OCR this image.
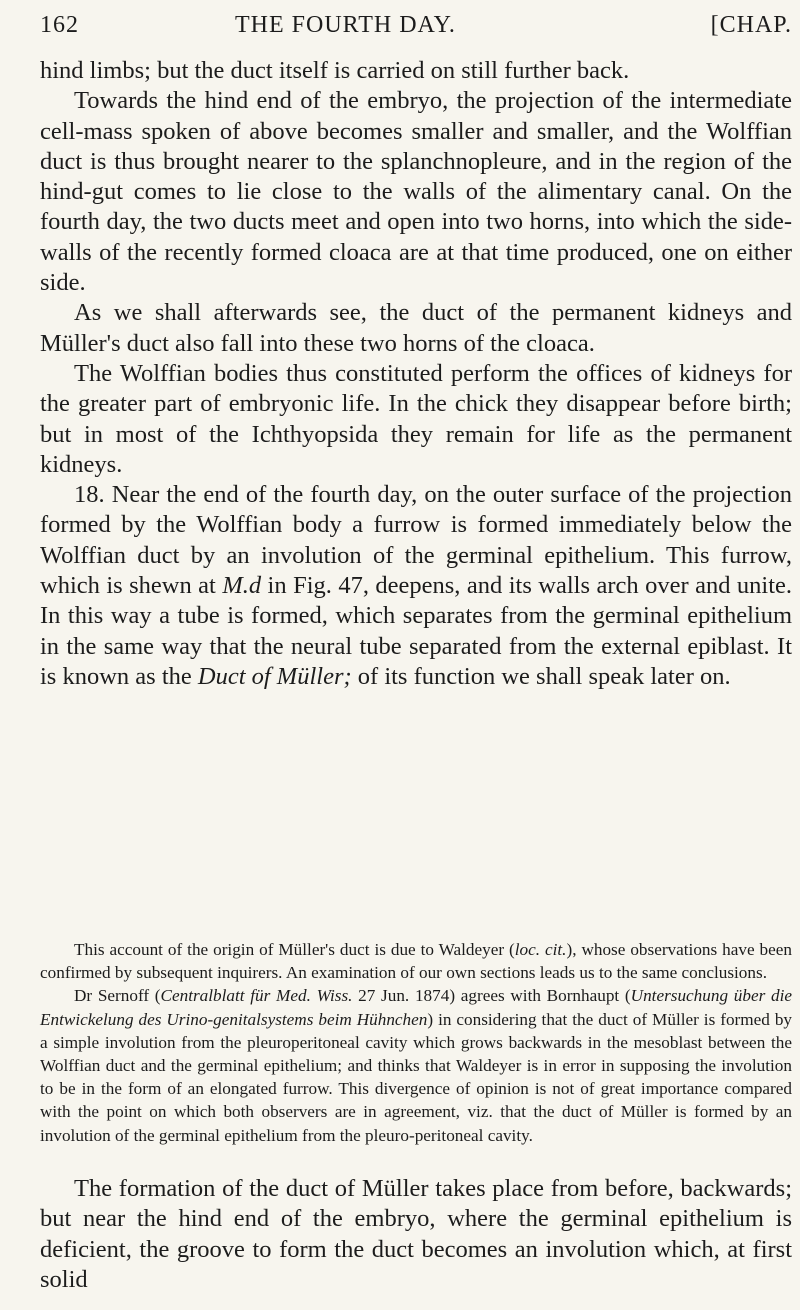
162	THE FOURTH DAY.	[CHAP.

hind limbs; but the duct itself is carried on still further back.

Towards the hind end of the embryo, the projection of the intermediate cell-mass spoken of above becomes smaller and smaller, and the Wolffian duct is thus brought nearer to the splanchnopleure, and in the region of the hind-gut comes to lie close to the walls of the alimentary canal. On the fourth day, the two ducts meet and open into two horns, into which the side-walls of the recently formed cloaca are at that time produced, one on either side.

As we shall afterwards see, the duct of the permanent kidneys and Müller's duct also fall into these two horns of the cloaca.

The Wolffian bodies thus constituted perform the offices of kidneys for the greater part of embryonic life. In the chick they disappear before birth; but in most of the Ichthyopsida they remain for life as the permanent kidneys.

18. Near the end of the fourth day, on the outer surface of the projection formed by the Wolffian body a furrow is formed immediately below the Wolffian duct by an involution of the germinal epithelium. This furrow, which is shewn at M.d in Fig. 47, deepens, and its walls arch over and unite. In this way a tube is formed, which separates from the germinal epithelium in the same way that the neural tube separated from the external epiblast. It is known as the Duct of Müller; of its function we shall speak later on.

This account of the origin of Müller's duct is due to Waldeyer (loc. cit.), whose observations have been confirmed by subsequent inquirers. An examination of our own sections leads us to the same conclusions.

Dr Sernoff (Centralblatt für Med. Wiss. 27 Jun. 1874) agrees with Bornhaupt (Untersuchung über die Entwickelung des Urino-genitalsystems beim Hühnchen) in considering that the duct of Müller is formed by a simple involution from the pleuroperitoneal cavity which grows backwards in the mesoblast between the Wolffian duct and the germinal epithelium; and thinks that Waldeyer is in error in supposing the involution to be in the form of an elongated furrow. This divergence of opinion is not of great importance compared with the point on which both observers are in agreement, viz. that the duct of Müller is formed by an involution of the germinal epithelium from the pleuro-peritoneal cavity.

The formation of the duct of Müller takes place from before, backwards; but near the hind end of the embryo, where the germinal epithelium is deficient, the groove to form the duct becomes an involution which, at first solid
